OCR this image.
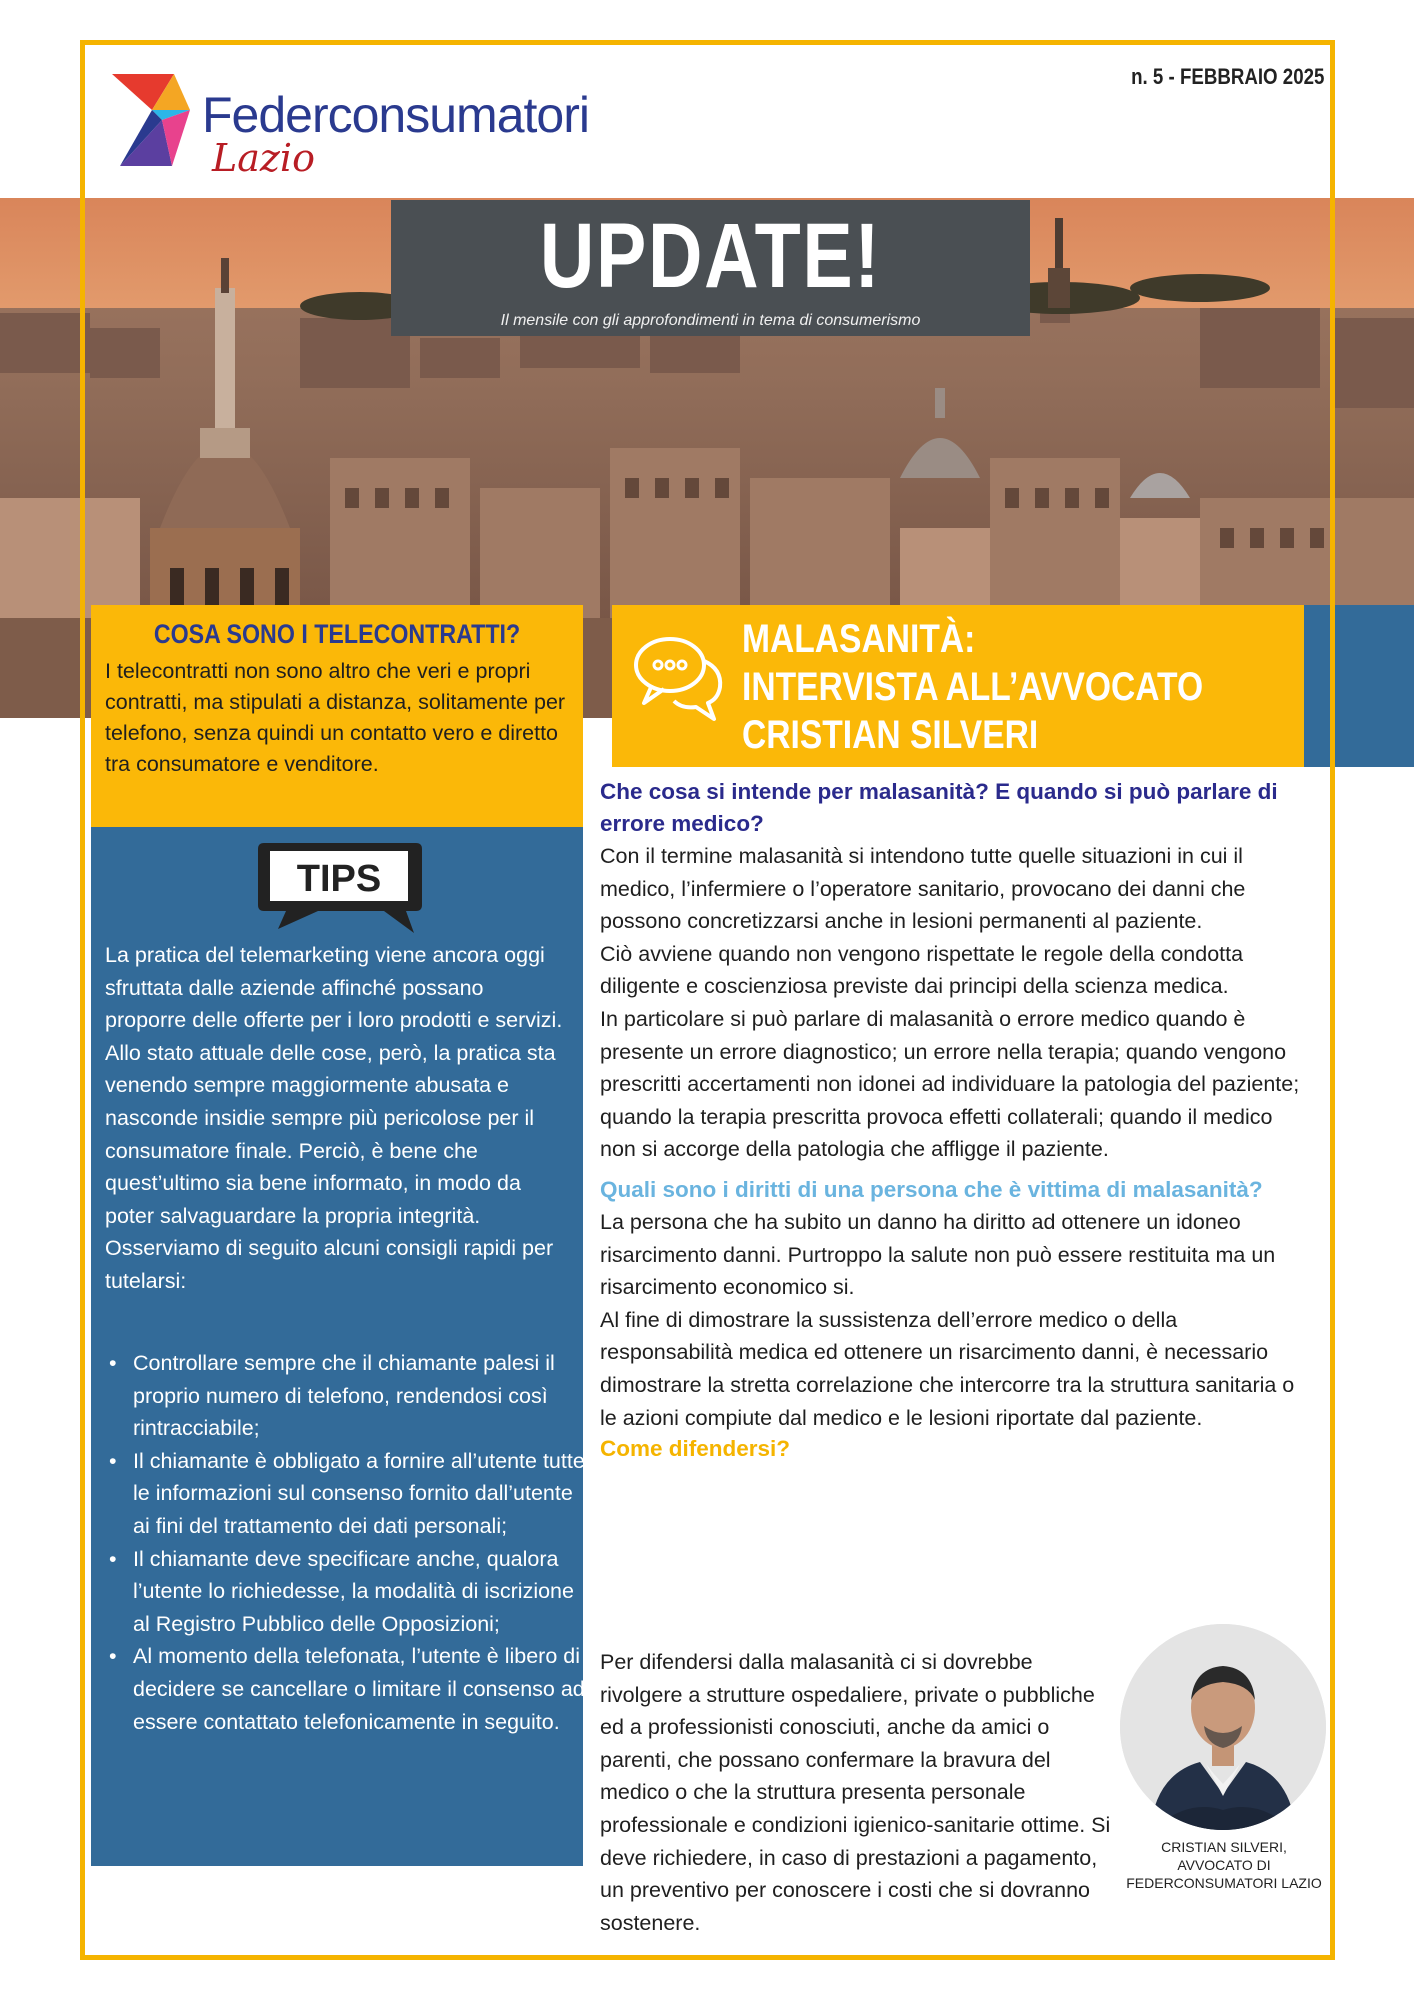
Federconsumatori
Lazio
n. 5 - FEBBRAIO 2025
UPDATE!
Il mensile con gli approfondimenti in tema di consumerismo
COSA SONO I TELECONTRATTI?
I telecontratti non sono altro che veri e propri contratti, ma stipulati a distanza, solitamente per telefono, senza quindi un contatto vero e diretto tra consumatore e venditore.
TIPS
La pratica del telemarketing viene ancora oggi sfruttata dalle aziende affinché possano proporre delle offerte per i loro prodotti e servizi. Allo stato attuale delle cose, però, la pratica sta venendo sempre maggiormente abusata e nasconde insidie sempre più pericolose per il consumatore finale. Perciò, è bene che quest’ultimo sia bene informato, in modo da poter salvaguardare la propria integrità. Osserviamo di seguito alcuni consigli rapidi per tutelarsi:
• Controllare sempre che il chiamante palesi il proprio numero di telefono, rendendosi così rintracciabile;
• Il chiamante è obbligato a fornire all’utente tutte le informazioni sul consenso fornito dall’utente ai fini del trattamento dei dati personali;
• Il chiamante deve specificare anche, qualora l’utente lo richiedesse, la modalità di iscrizione al Registro Pubblico delle Opposizioni;
• Al momento della telefonata, l’utente è libero di decidere se cancellare o limitare il consenso ad essere contattato telefonicamente in seguito.
MALASANITÀ:
INTERVISTA ALL’AVVOCATO
CRISTIAN SILVERI
Che cosa si intende per malasanità? E quando si può parlare di errore medico?
Con il termine malasanità si intendono tutte quelle situazioni in cui il medico, l’infermiere o l’operatore sanitario, provocano dei danni che possono concretizzarsi anche in lesioni permanenti al paziente.
Ciò avviene quando non vengono rispettate le regole della condotta diligente e coscienziosa previste dai principi della scienza medica.
In particolare si può parlare di malasanità o errore medico quando è presente un errore diagnostico; un errore nella terapia; quando vengono prescritti accertamenti non idonei ad individuare la patologia del paziente; quando la terapia prescritta provoca effetti collaterali; quando il medico non si accorge della patologia che affligge il paziente.
Quali sono i diritti di una persona che è vittima di malasanità?
La persona che ha subito un danno ha diritto ad ottenere un idoneo risarcimento danni. Purtroppo la salute non può essere restituita ma un risarcimento economico si.
Al fine di dimostrare la sussistenza dell’errore medico o della responsabilità medica ed ottenere un risarcimento danni, è necessario dimostrare la stretta correlazione che intercorre tra la struttura sanitaria o le azioni compiute dal medico e le lesioni riportate dal paziente.
Come difendersi?
Per difendersi dalla malasanità ci si dovrebbe rivolgere a strutture ospedaliere, private o pubbliche ed a professionisti conosciuti, anche da amici o parenti, che possano confermare la bravura del medico o che la struttura presenta personale professionale e condizioni igienico-sanitarie ottime. Si deve richiedere, in caso di prestazioni a pagamento, un preventivo per conoscere i costi che si dovranno sostenere.
CRISTIAN SILVERI,
AVVOCATO DI
FEDERCONSUMATORI LAZIO
